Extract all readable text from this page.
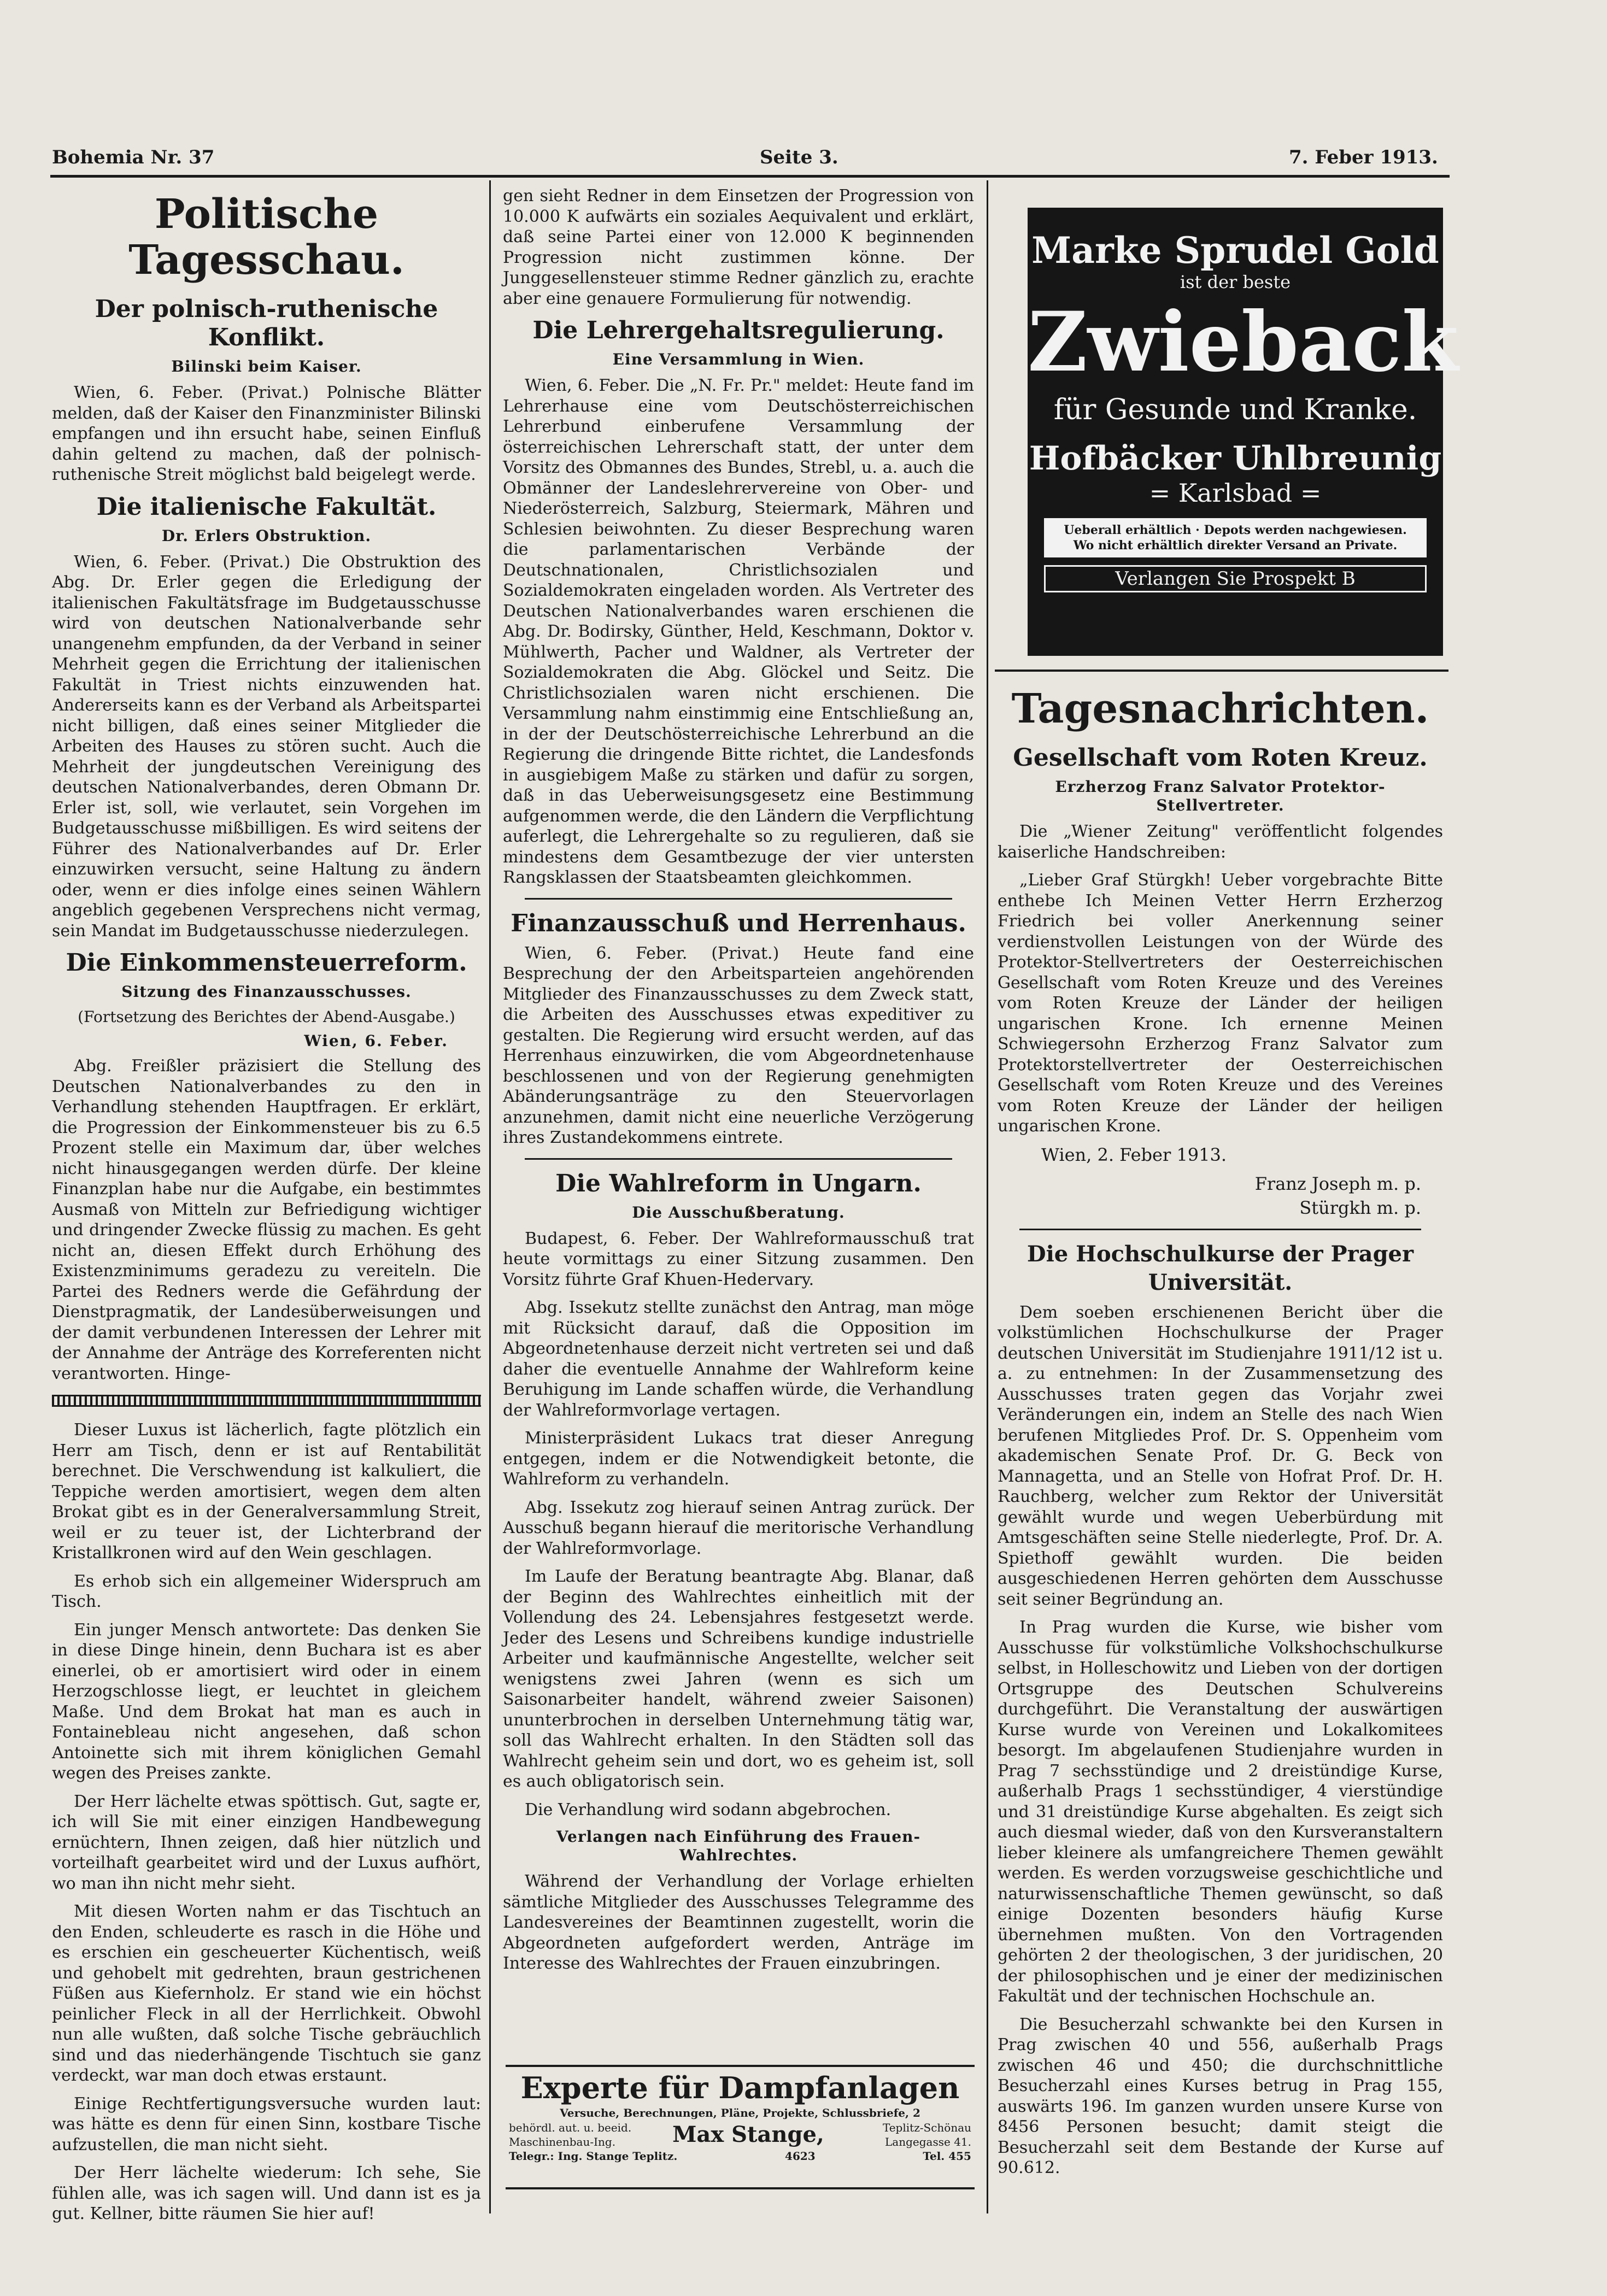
Bohemia Nr. 37	Seite 3.	7. Feber 1913.
Politische Tagesschau.
Der polnisch-ruthenische Konflikt.
Bilinski beim Kaiser.

Wien, 6. Feber. (Privat.) Polnische Blätter melden, daß der Kaiser den Finanzminister Bilinski empfangen und ihn ersucht habe, seinen Einfluß dahin geltend zu machen, daß der polnisch-ruthenische Streit möglichst bald beigelegt werde.

Die italienische Fakultät.
Dr. Erlers Obstruktion.

Wien, 6. Feber. (Privat.) Die Obstruktion des Abg. Dr. Erler gegen die Erledigung der italienischen Fakultätsfrage im Budgetausschusse wird von deutschen Nationalverbande sehr unangenehm empfunden, da der Verband in seiner Mehrheit gegen die Errichtung der italienischen Fakultät in Triest nichts einzuwenden hat. Andererseits kann es der Verband als Arbeitspartei nicht billigen, daß eines seiner Mitglieder die Arbeiten des Hauses zu stören sucht. Auch die Mehrheit der jungdeutschen Vereinigung des deutschen Nationalverbandes, deren Obmann Dr. Erler ist, soll, wie verlautet, sein Vorgehen im Budgetausschusse mißbilligen. Es wird seitens der Führer des Nationalverbandes auf Dr. Erler einzuwirken versucht, seine Haltung zu ändern oder, wenn er dies infolge eines seinen Wählern angeblich gegebenen Versprechens nicht vermag, sein Mandat im Budgetausschusse niederzulegen.

Die Einkommensteuerreform.
Sitzung des Finanzausschusses.
(Fortsetzung des Berichtes der Abend-Ausgabe.)
Wien, 6. Feber.

Abg. Freißler präzisiert die Stellung des Deutschen Nationalverbandes zu den in Verhandlung stehenden Hauptfragen. Er erklärt, die Progression der Einkommensteuer bis zu 6.5 Prozent stelle ein Maximum dar, über welches nicht hinausgegangen werden dürfe. Der kleine Finanzplan habe nur die Aufgabe, ein bestimmtes Ausmaß von Mitteln zur Befriedigung wichtiger und dringender Zwecke flüssig zu machen. Es geht nicht an, diesen Effekt durch Erhöhung des Existenzminimums geradezu zu vereiteln. Die Partei des Redners werde die Gefährdung der Dienstpragmatik, der Landesüberweisungen und der damit verbundenen Interessen der Lehrer mit der Annahme der Anträge des Korreferenten nicht verantworten. Hinge-

Dieser Luxus ist lächerlich, fagte plötzlich ein Herr am Tisch, denn er ist auf Rentabilität berechnet. Die Verschwendung ist kalkuliert, die Teppiche werden amortisiert, wegen dem alten Brokat gibt es in der Generalversammlung Streit, weil er zu teuer ist, der Lichterbrand der Kristallkronen wird auf den Wein geschlagen.

Es erhob sich ein allgemeiner Widerspruch am Tisch.

Ein junger Mensch antwortete: Das denken Sie in diese Dinge hinein, denn Buchara ist es aber einerlei, ob er amortisiert wird oder in einem Herzogschlosse liegt, er leuchtet in gleichem Maße. Und dem Brokat hat man es auch in Fontainebleau nicht angesehen, daß schon Antoinette sich mit ihrem königlichen Gemahl wegen des Preises zankte.

Der Herr lächelte etwas spöttisch. Gut, sagte er, ich will Sie mit einer einzigen Handbewegung ernüchtern, Ihnen zeigen, daß hier nützlich und vorteilhaft gearbeitet wird und der Luxus aufhört, wo man ihn nicht mehr sieht.

Mit diesen Worten nahm er das Tischtuch an den Enden, schleuderte es rasch in die Höhe und es erschien ein gescheuerter Küchentisch, weiß und gehobelt mit gedrehten, braun gestrichenen Füßen aus Kiefernholz. Er stand wie ein höchst peinlicher Fleck in all der Herrlichkeit. Obwohl nun alle wußten, daß solche Tische gebräuchlich sind und das niederhängende Tischtuch sie ganz verdeckt, war man doch etwas erstaunt.

Einige Rechtfertigungsversuche wurden laut: was hätte es denn für einen Sinn, kostbare Tische aufzustellen, die man nicht sieht.

Der Herr lächelte wiederum: Ich sehe, Sie fühlen alle, was ich sagen will. Und dann ist es ja gut. Kellner, bitte räumen Sie hier auf!

gen sieht Redner in dem Einsetzen der Progression von 10.000 K aufwärts ein soziales Aequivalent und erklärt, daß seine Partei einer von 12.000 K beginnenden Progression nicht zustimmen könne. Der Junggesellensteuer stimme Redner gänzlich zu, erachte aber eine genauere Formulierung für notwendig.

Die Lehrergehaltsregulierung.
Eine Versammlung in Wien.

Wien, 6. Feber. Die „N. Fr. Pr." meldet: Heute fand im Lehrerhause eine vom Deutschösterreichischen Lehrerbund einberufene Versammlung der österreichischen Lehrerschaft statt, der unter dem Vorsitz des Obmannes des Bundes, Strebl, u. a. auch die Obmänner der Landeslehrervereine von Ober- und Niederösterreich, Salzburg, Steiermark, Mähren und Schlesien beiwohnten. Zu dieser Besprechung waren die parlamentarischen Verbände der Deutschnationalen, Christlichsozialen und Sozialdemokraten eingeladen worden. Als Vertreter des Deutschen Nationalverbandes waren erschienen die Abg. Dr. Bodirsky, Günther, Held, Keschmann, Doktor v. Mühlwerth, Pacher und Waldner, als Vertreter der Sozialdemokraten die Abg. Glöckel und Seitz. Die Christlichsozialen waren nicht erschienen. Die Versammlung nahm einstimmig eine Entschließung an, in der der Deutschösterreichische Lehrerbund an die Regierung die dringende Bitte richtet, die Landesfonds in ausgiebigem Maße zu stärken und dafür zu sorgen, daß in das Ueberweisungsgesetz eine Bestimmung aufgenommen werde, die den Ländern die Verpflichtung auferlegt, die Lehrergehalte so zu regulieren, daß sie mindestens dem Gesamtbezuge der vier untersten Rangsklassen der Staatsbeamten gleichkommen.

Finanzausschuß und Herrenhaus.

Wien, 6. Feber. (Privat.) Heute fand eine Besprechung der den Arbeitsparteien angehörenden Mitglieder des Finanzausschusses zu dem Zweck statt, die Arbeiten des Ausschusses etwas expeditiver zu gestalten. Die Regierung wird ersucht werden, auf das Herrenhaus einzuwirken, die vom Abgeordnetenhause beschlossenen und von der Regierung genehmigten Abänderungsanträge zu den Steuervorlagen anzunehmen, damit nicht eine neuerliche Verzögerung ihres Zustandekommens eintrete.

Die Wahlreform in Ungarn.
Die Ausschußberatung.

Budapest, 6. Feber. Der Wahlreformausschuß trat heute vormittags zu einer Sitzung zusammen. Den Vorsitz führte Graf Khuen-Hedervary.

Abg. Issekutz stellte zunächst den Antrag, man möge mit Rücksicht darauf, daß die Opposition im Abgeordnetenhause derzeit nicht vertreten sei und daß daher die eventuelle Annahme der Wahlreform keine Beruhigung im Lande schaffen würde, die Verhandlung der Wahlreformvorlage vertagen.

Ministerpräsident Lukacs trat dieser Anregung entgegen, indem er die Notwendigkeit betonte, die Wahlreform zu verhandeln.

Abg. Issekutz zog hierauf seinen Antrag zurück. Der Ausschuß begann hierauf die meritorische Verhandlung der Wahlreformvorlage.

Im Laufe der Beratung beantragte Abg. Blanar, daß der Beginn des Wahlrechtes einheitlich mit der Vollendung des 24. Lebensjahres festgesetzt werde. Jeder des Lesens und Schreibens kundige industrielle Arbeiter und kaufmännische Angestellte, welcher seit wenigstens zwei Jahren (wenn es sich um Saisonarbeiter handelt, während zweier Saisonen) ununterbrochen in derselben Unternehmung tätig war, soll das Wahlrecht erhalten. In den Städten soll das Wahlrecht geheim sein und dort, wo es geheim ist, soll es auch obligatorisch sein.

Die Verhandlung wird sodann abgebrochen.

Verlangen nach Einführung des Frauen-Wahlrechtes.

Während der Verhandlung der Vorlage erhielten sämtliche Mitglieder des Ausschusses Telegramme des Landesvereines der Beamtinnen zugestellt, worin die Abgeordneten aufgefordert werden, Anträge im Interesse des Wahlrechtes der Frauen einzubringen.

Experte für Dampfanlagen
Versuche, Berechnungen, Pläne, Projekte, Schlussbriefe, 2
behördl. aut. u. beeid. Maschinenbau-Ing.	Max Stange,	Teplitz-Schönau Langegasse 41.
Telegr.: Ing. Stange Teplitz.	4623	Tel. 455
Marke Sprudel Gold
ist der beste
Zwieback
für Gesunde und Kranke.
Hofbäcker Uhlbreunig
= Karlsbad =
Ueberall erhältlich · Depots werden nachgewiesen.
Wo nicht erhältlich direkter Versand an Private.
Verlangen Sie Prospekt B
Tagesnachrichten.
Gesellschaft vom Roten Kreuz.
Erzherzog Franz Salvator Protektor-Stellvertreter.

Die „Wiener Zeitung" veröffentlicht folgendes kaiserliche Handschreiben:

„Lieber Graf Stürgkh! Ueber vorgebrachte Bitte enthebe Ich Meinen Vetter Herrn Erzherzog Friedrich bei voller Anerkennung seiner verdienstvollen Leistungen von der Würde des Protektor-Stellvertreters der Oesterreichischen Gesellschaft vom Roten Kreuze und des Vereines vom Roten Kreuze der Länder der heiligen ungarischen Krone. Ich ernenne Meinen Schwiegersohn Erzherzog Franz Salvator zum Protektorstellvertreter der Oesterreichischen Gesellschaft vom Roten Kreuze und des Vereines vom Roten Kreuze der Länder der heiligen ungarischen Krone.

Wien, 2. Feber 1913.
Franz Joseph m. p.
Stürgkh m. p.
Die Hochschulkurse der Prager Universität.

Dem soeben erschienenen Bericht über die volkstümlichen Hochschulkurse der Prager deutschen Universität im Studienjahre 1911/12 ist u. a. zu entnehmen: In der Zusammensetzung des Ausschusses traten gegen das Vorjahr zwei Veränderungen ein, indem an Stelle des nach Wien berufenen Mitgliedes Prof. Dr. S. Oppenheim vom akademischen Senate Prof. Dr. G. Beck von Mannagetta, und an Stelle von Hofrat Prof. Dr. H. Rauchberg, welcher zum Rektor der Universität gewählt wurde und wegen Ueberbürdung mit Amtsgeschäften seine Stelle niederlegte, Prof. Dr. A. Spiethoff gewählt wurden. Die beiden ausgeschiedenen Herren gehörten dem Ausschusse seit seiner Begründung an.

In Prag wurden die Kurse, wie bisher vom Ausschusse für volkstümliche Volkshochschulkurse selbst, in Holleschowitz und Lieben von der dortigen Ortsgruppe des Deutschen Schulvereins durchgeführt. Die Veranstaltung der auswärtigen Kurse wurde von Vereinen und Lokalkomitees besorgt. Im abgelaufenen Studienjahre wurden in Prag 7 sechsstündige und 2 dreistündige Kurse, außerhalb Prags 1 sechsstündiger, 4 vierstündige und 31 dreistündige Kurse abgehalten. Es zeigt sich auch diesmal wieder, daß von den Kursveranstaltern lieber kleinere als umfangreichere Themen gewählt werden. Es werden vorzugsweise geschichtliche und naturwissenschaftliche Themen gewünscht, so daß einige Dozenten besonders häufig Kurse übernehmen mußten. Von den Vortragenden gehörten 2 der theologischen, 3 der juridischen, 20 der philosophischen und je einer der medizinischen Fakultät und der technischen Hochschule an.

Die Besucherzahl schwankte bei den Kursen in Prag zwischen 40 und 556, außerhalb Prags zwischen 46 und 450; die durchschnittliche Besucherzahl eines Kurses betrug in Prag 155, auswärts 196. Im ganzen wurden unsere Kurse von 8456 Personen besucht; damit steigt die Besucherzahl seit dem Bestande der Kurse auf 90.612.
